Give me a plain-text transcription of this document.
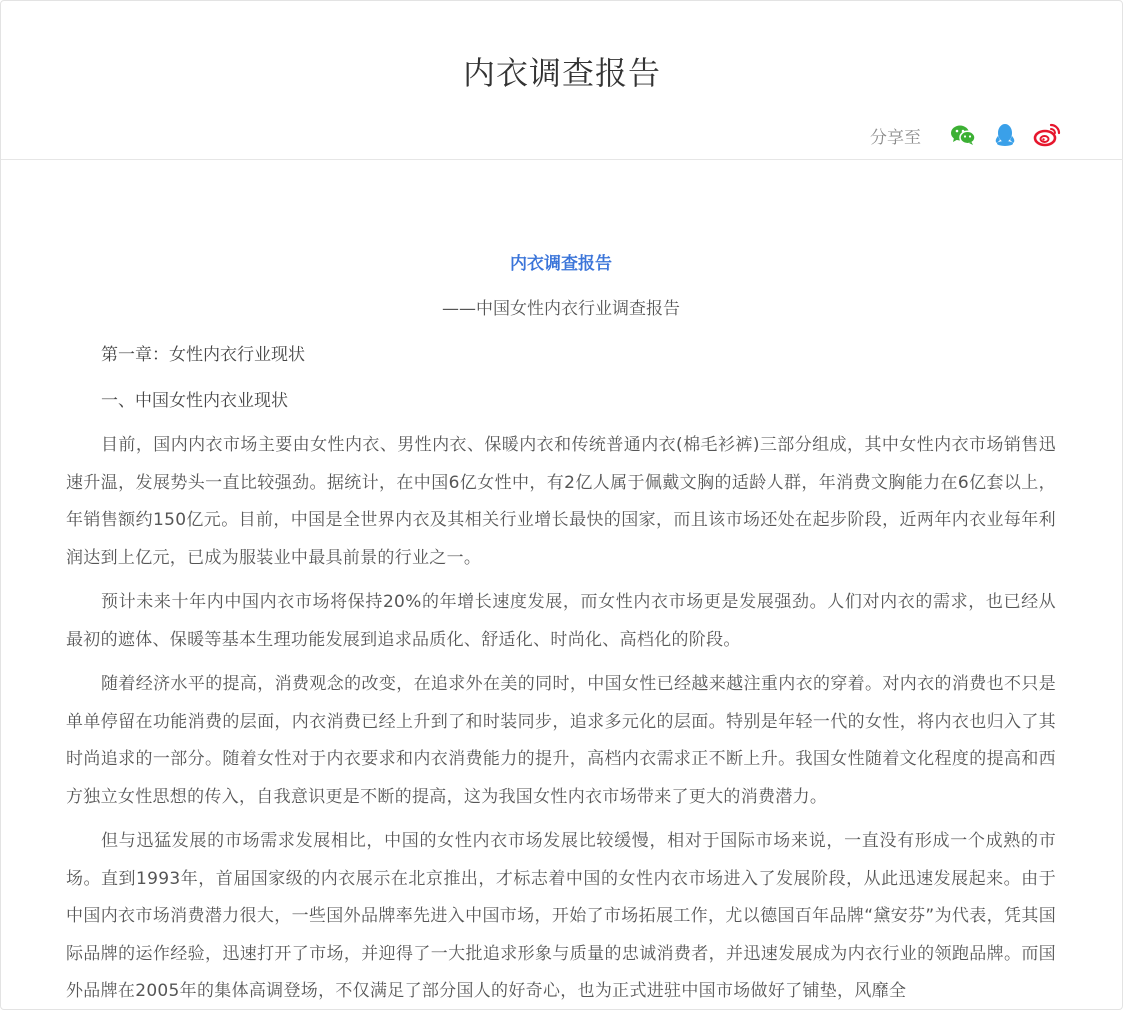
内衣调查报告
分享至

内衣调查报告

——中国女性内衣行业调查报告

第一章：女性内衣行业现状

一、中国女性内衣业现状

目前，国内内衣市场主要由女性内衣、男性内衣、保暖内衣和传统普通内衣(棉毛衫裤)三部分组成，其中女性内衣市场销售迅速升温，发展势头一直比较强劲。据统计，在中国6亿女性中，有2亿人属于佩戴文胸的适龄人群，年消费文胸能力在6亿套以上，年销售额约150亿元。目前，中国是全世界内衣及其相关行业增长最快的国家，而且该市场还处在起步阶段，近两年内衣业每年利润达到上亿元，已成为服装业中最具前景的行业之一。

预计未来十年内中国内衣市场将保持20%的年增长速度发展，而女性内衣市场更是发展强劲。人们对内衣的需求，也已经从最初的遮体、保暖等基本生理功能发展到追求品质化、舒适化、时尚化、高档化的阶段。

随着经济水平的提高，消费观念的改变，在追求外在美的同时，中国女性已经越来越注重内衣的穿着。对内衣的消费也不只是单单停留在功能消费的层面，内衣消费已经上升到了和时装同步，追求多元化的层面。特别是年轻一代的女性，将内衣也归入了其时尚追求的一部分。随着女性对于内衣要求和内衣消费能力的提升，高档内衣需求正不断上升。我国女性随着文化程度的提高和西方独立女性思想的传入，自我意识更是不断的提高，这为我国女性内衣市场带来了更大的消费潜力。

但与迅猛发展的市场需求发展相比，中国的女性内衣市场发展比较缓慢，相对于国际市场来说，一直没有形成一个成熟的市场。直到1993年，首届国家级的内衣展示在北京推出，才标志着中国的女性内衣市场进入了发展阶段，从此迅速发展起来。由于中国内衣市场消费潜力很大，一些国外品牌率先进入中国市场，开始了市场拓展工作，尤以德国百年品牌“黛安芬”为代表，凭其国际品牌的运作经验，迅速打开了市场，并迎得了一大批追求形象与质量的忠诚消费者，并迅速发展成为内衣行业的领跑品牌。而国外品牌在2005年的集体高调登场，不仅满足了部分国人的好奇心，也为正式进驻中国市场做好了铺垫，风靡全
